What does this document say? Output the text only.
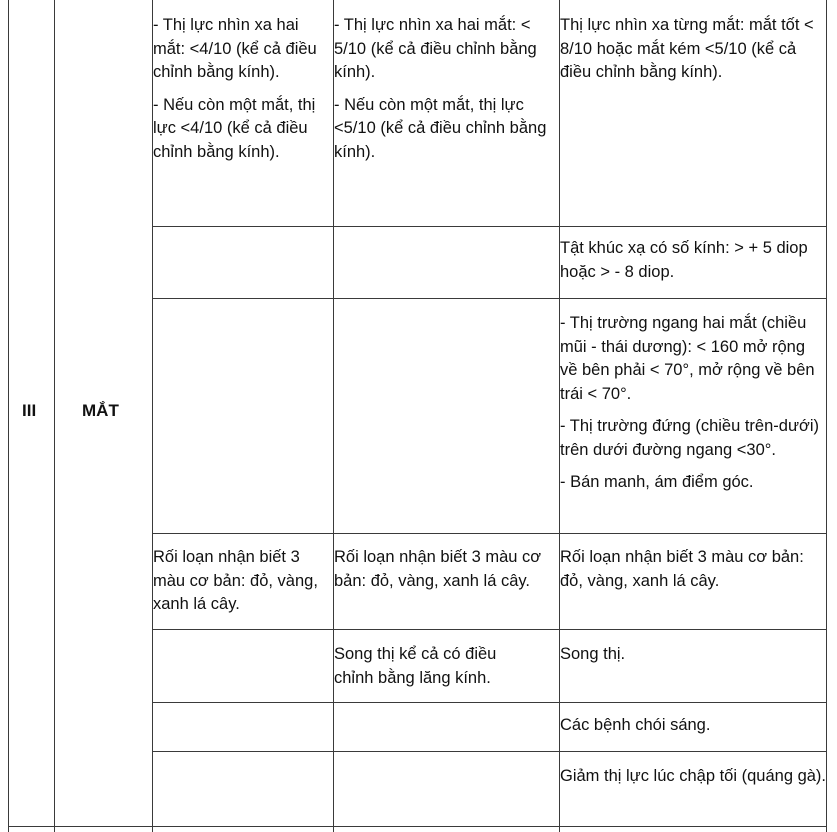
III	MẮT

- Thị lực nhìn xa hai mắt: <4/10 (kể cả điều chỉnh bằng kính).

- Nếu còn một mắt, thị lực <4/10 (kể cả điều chỉnh bằng kính).

- Thị lực nhìn xa hai mắt: < 5/10 (kể cả điều chỉnh bằng kính).

- Nếu còn một mắt, thị lực <5/10 (kể cả điều chỉnh bằng kính).

Thị lực nhìn xa từng mắt: mắt tốt < 8/10 hoặc mắt kém <5/10 (kể cả điều chỉnh bằng kính).

Tật khúc xạ có số kính: > + 5 diop hoặc > - 8 diop.

- Thị trường ngang hai mắt (chiều mũi - thái dương): < 160 mở rộng về bên phải < 70°, mở rộng về bên trái < 70°.

- Thị trường đứng (chiều trên-dưới) trên dưới đường ngang <30°.

- Bán manh, ám điểm góc.

Rối loạn nhận biết 3 màu cơ bản: đỏ, vàng, xanh lá cây.

Rối loạn nhận biết 3 màu cơ bản: đỏ, vàng, xanh lá cây.

Rối loạn nhận biết 3 màu cơ bản: đỏ, vàng, xanh lá cây.

Song thị kể cả có điều chỉnh bằng lăng kính.

Song thị.

Các bệnh chói sáng.

Giảm thị lực lúc chập tối (quáng gà).
